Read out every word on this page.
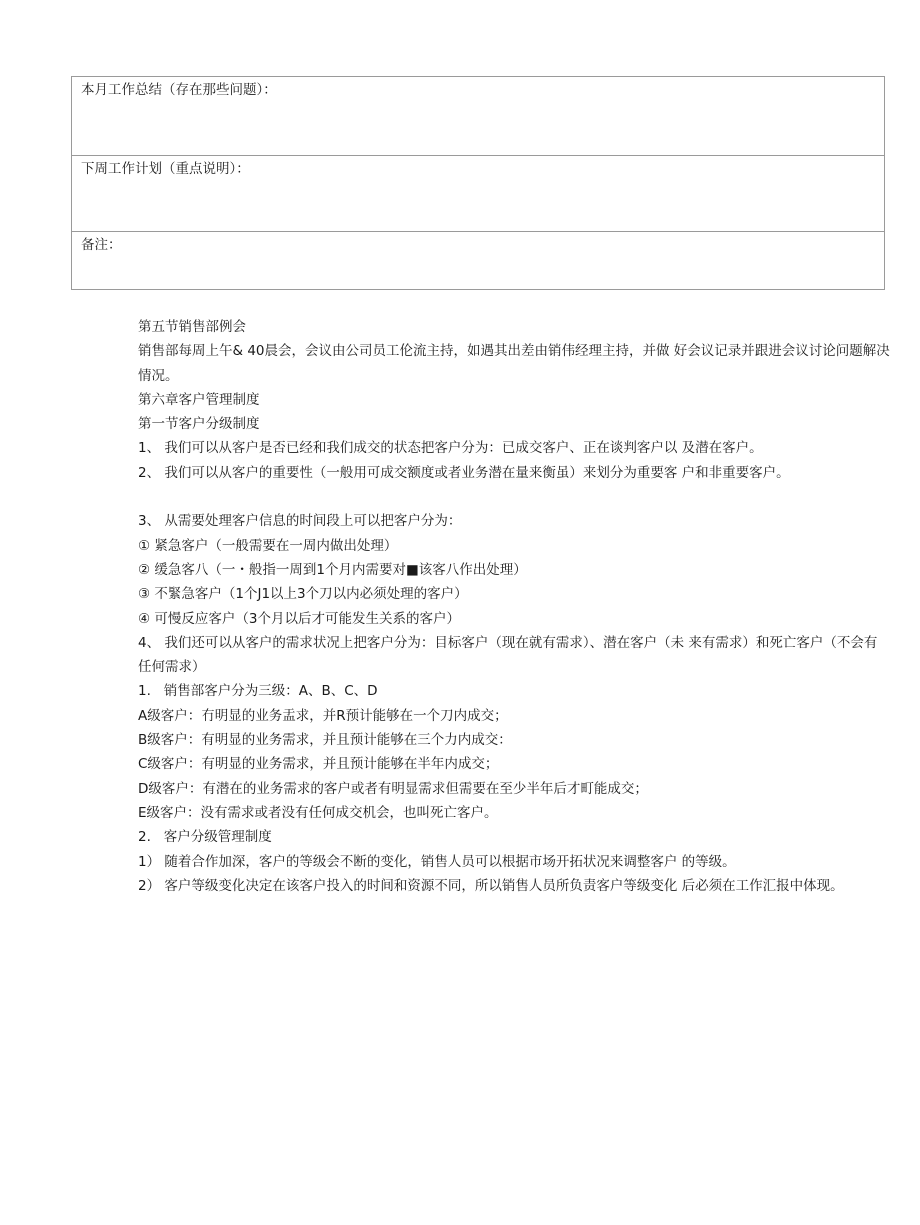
本月工作总结（存在那些问题）：
下周工作计划（重点说明）：
备注：
第五节销售部例会
销售部每周上午& 40晨会，会议由公司员工伦流主持，如遇其出差由销伟经理主持，并做 好会议记录并跟进会议讨论问题解决情况。
第六章客户管理制度
第一节客户分级制度
1、 我们可以从客户是否已经和我们成交的状态把客户分为：已成交客户、正在谈判客户以 及潜在客户。
2、 我们可以从客户的重要性（一般用可成交额度或者业务潜在量来衡虽）来划分为重要客 户和非重要客户。
3、 从需要处理客户信息的时间段上可以把客户分为：
① 紧急客户（一般需要在一周内做出处理）
② 缓急客八（一・般指一周到1个月内需要对■该客八作出处理）
③ 不緊急客户（1个J1以上3个刀以内必须处理的客户）
④ 可慢反应客户（3个月以后才可能发生关系的客户）
4、 我们还可以从客户的需求状况上把客户分为：目标客户（现在就有需求）、潜在客户（未 来有需求）和死亡客户（不会有任何需求）
1.   销售部客户分为三级：A、B、C、D
A级客户：冇明显的业务盂求，并R预计能够在一个刀内成交；
B级客户：有明显的业务需求，并且预计能够在三个力内成交：
C级客户：有明显的业务需求，并且预计能够在半年内成交；
D级客户：有潜在的业务需求的客户或者有明显需求但需要在至少半年后才町能成交；
E级客户：没有需求或者没有任何成交机会，也叫死亡客户。
2.   客户分级管理制度
1） 随着合作加深，客户的等级会不断的变化，销售人员可以根据市场开拓状况来调整客户 的等级。
2） 客户等级变化决定在该客户投入的时间和资源不同，所以销售人员所负责客户等级变化 后必须在工作汇报中体现。
